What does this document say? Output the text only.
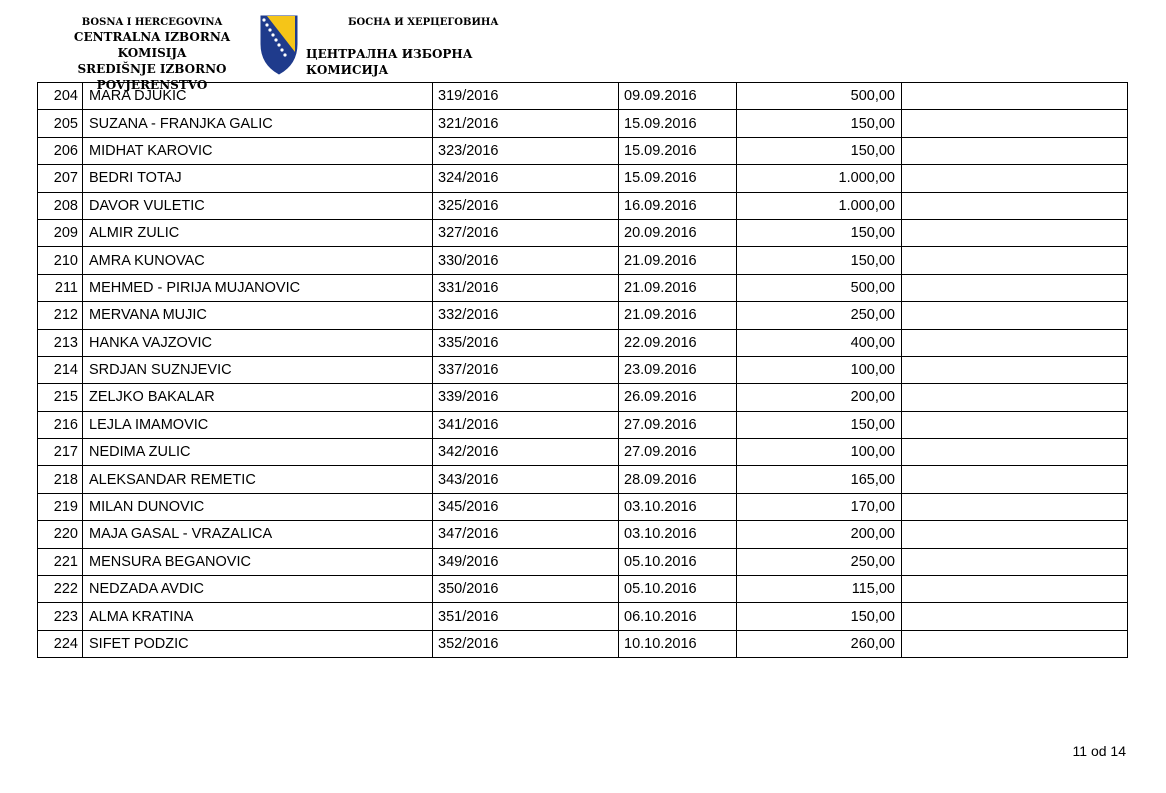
BOSNA I HERCEGOVINA
CENTRALNA IZBORNA KOMISIJA
SREDIŠNJE IZBORNO POVJERENSTVO
БОСНА И ХЕРЦЕГОВИНА
ЦЕНТРАЛНА ИЗБОРНА КОМИСИЈА
204	MARA DJUKIC	319/2016	09.09.2016	500,00	
205	SUZANA - FRANJKA GALIC	321/2016	15.09.2016	150,00	
206	MIDHAT KAROVIC	323/2016	15.09.2016	150,00	
207	BEDRI TOTAJ	324/2016	15.09.2016	1.000,00	
208	DAVOR VULETIC	325/2016	16.09.2016	1.000,00	
209	ALMIR ZULIC	327/2016	20.09.2016	150,00	
210	AMRA KUNOVAC	330/2016	21.09.2016	150,00	
211	MEHMED - PIRIJA MUJANOVIC	331/2016	21.09.2016	500,00	
212	MERVANA MUJIC	332/2016	21.09.2016	250,00	
213	HANKA VAJZOVIC	335/2016	22.09.2016	400,00	
214	SRDJAN SUZNJEVIC	337/2016	23.09.2016	100,00	
215	ZELJKO BAKALAR	339/2016	26.09.2016	200,00	
216	LEJLA IMAMOVIC	341/2016	27.09.2016	150,00	
217	NEDIMA ZULIC	342/2016	27.09.2016	100,00	
218	ALEKSANDAR REMETIC	343/2016	28.09.2016	165,00	
219	MILAN DUNOVIC	345/2016	03.10.2016	170,00	
220	MAJA GASAL - VRAZALICA	347/2016	03.10.2016	200,00	
221	MENSURA BEGANOVIC	349/2016	05.10.2016	250,00	
222	NEDZADA AVDIC	350/2016	05.10.2016	115,00	
223	ALMA KRATINA	351/2016	06.10.2016	150,00	
224	SIFET PODZIC	352/2016	10.10.2016	260,00	
11 od 14
